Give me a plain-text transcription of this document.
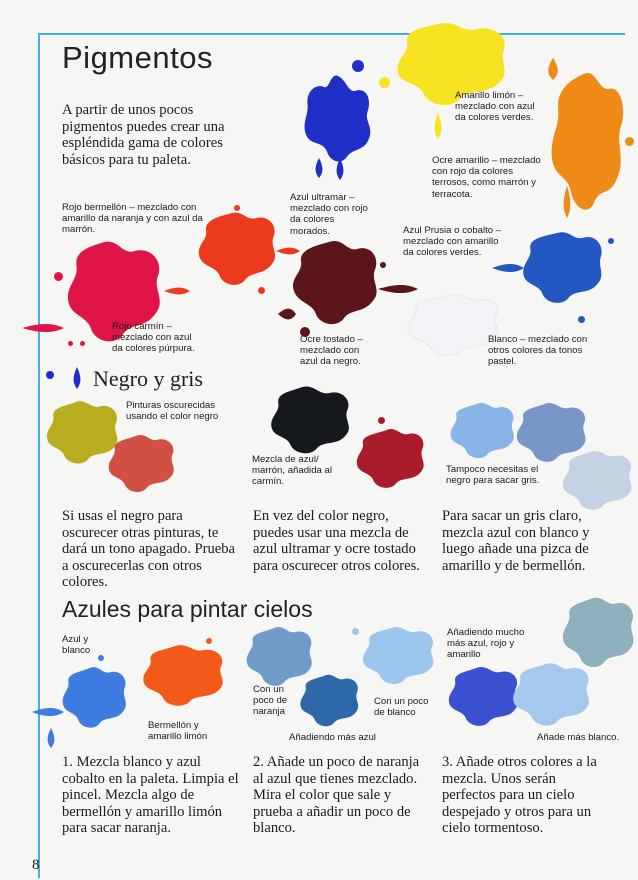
Pigmentos

A partir de unos pocos pigmentos puedes crear una espléndida gama de colores básicos para tu paleta.

Rojo bermellón – mezclado con amarillo da naranja y con azul da marrón.

Azul ultramar – mezclado con rojo da colores morados.

Amarillo limón – mezclado con azul da colores verdes.

Ocre amarillo – mezclado con rojo da colores terrosos, como marrón y terracota.

Azul Prusia o cobalto – mezclado con amarillo da colores verdes.

Rojo carmín – mezclado con azul da colores púrpura.

Ocre tostado – mezclado con azul da negro.

Blanco – mezclado con otros colores da tonos pastel.

Negro y gris

Pinturas oscurecidas usando el color negro

Mezcla de azul/ marrón, añadida al carmín.

Tampoco necesitas el negro para sacar gris.

Si usas el negro para oscurecer otras pinturas, te dará un tono apagado. Prueba a oscurecerlas con otros colores.

En vez del color negro, puedes usar una mezcla de azul ultramar y ocre tostado para oscurecer otros colores.

Para sacar un gris claro, mezcla azul con blanco y luego añade una pizca de amarillo y de bermellón.

Azules para pintar cielos

Azul y blanco

Bermellón y amarillo limón

Con un poco de naranja

Con un poco de blanco

Añadiendo más azul

Añadiendo mucho más azul, rojo y amarillo

Añade más blanco.

1. Mezcla blanco y azul cobalto en la paleta. Limpia el pincel. Mezcla algo de bermellón y amarillo limón para sacar naranja.

2. Añade un poco de naranja al azul que tienes mezclado. Mira el color que sale y prueba a añadir un poco de blanco.

3. Añade otros colores a la mezcla. Unos serán perfectos para un cielo despejado y otros para un cielo tormentoso.

8
